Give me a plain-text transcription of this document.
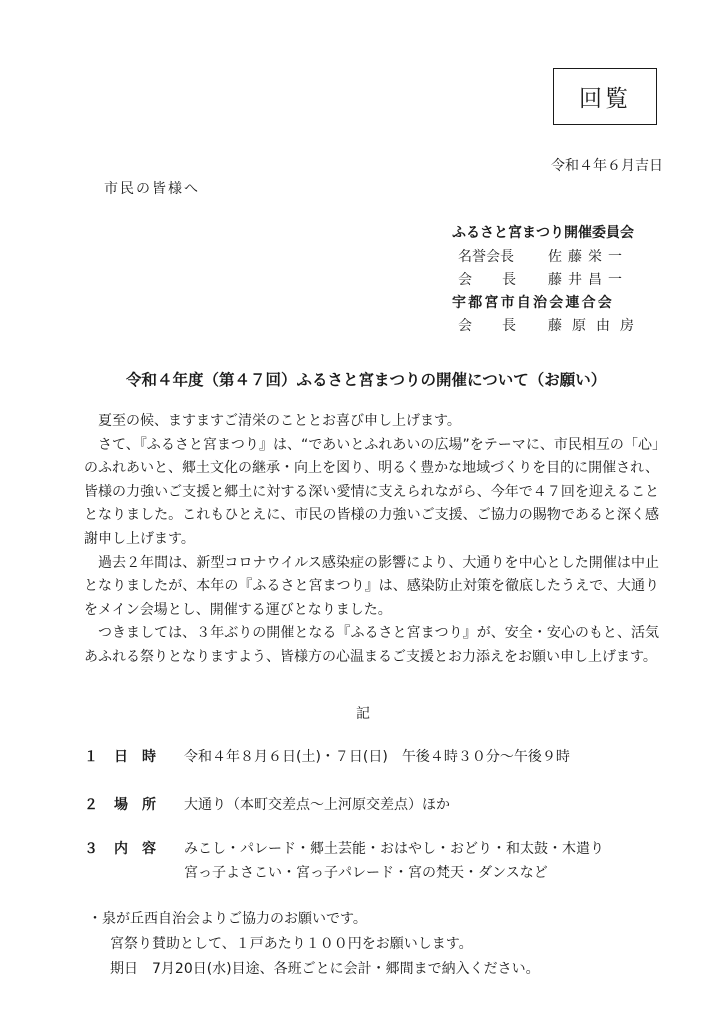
回覧
令和４年６月吉日
市民の皆様へ
ふるさと宮まつり開催委員会
名誉会長 佐藤栄一
会　長 藤井昌一
宇都宮市自治会連合会
会　長 藤原由房
令和４年度（第４７回）ふるさと宮まつりの開催について（お願い）

夏至の候、ますますご清栄のこととお喜び申し上げます。

さて、『ふるさと宮まつり』は、“であいとふれあいの広場”をテーマに、市民相互の「心」のふれあいと、郷土文化の継承・向上を図り、明るく豊かな地域づくりを目的に開催され、皆様の力強いご支援と郷土に対する深い愛情に支えられながら、今年で４７回を迎えることとなりました。これもひとえに、市民の皆様の力強いご支援、ご協力の賜物であると深く感謝申し上げます。

過去２年間は、新型コロナウイルス感染症の影響により、大通りを中心とした開催は中止となりましたが、本年の『ふるさと宮まつり』は、感染防止対策を徹底したうえで、大通りをメイン会場とし、開催する運びとなりました。

つきましては、３年ぶりの開催となる『ふるさと宮まつり』が、安全・安心のもと、活気あふれる祭りとなりますよう、皆様方の心温まるご支援とお力添えをお願い申し上げます。

記
１ 日時 令和４年８月６日(土)・７日(日)　午後４時３０分～午後９時
２ 場所 大通り（本町交差点～上河原交差点）ほか
３ 内容 みこし・パレード・郷土芸能・おはやし・おどり・和太鼓・木遣り
宮っ子よさこい・宮っ子パレード・宮の梵天・ダンスなど
・泉が丘西自治会よりご協力のお願いです。
宮祭り賛助として、１戸あたり１００円をお願いします。
期日　7月20日(水)目途、各班ごとに会計・郷間まで納入ください。
